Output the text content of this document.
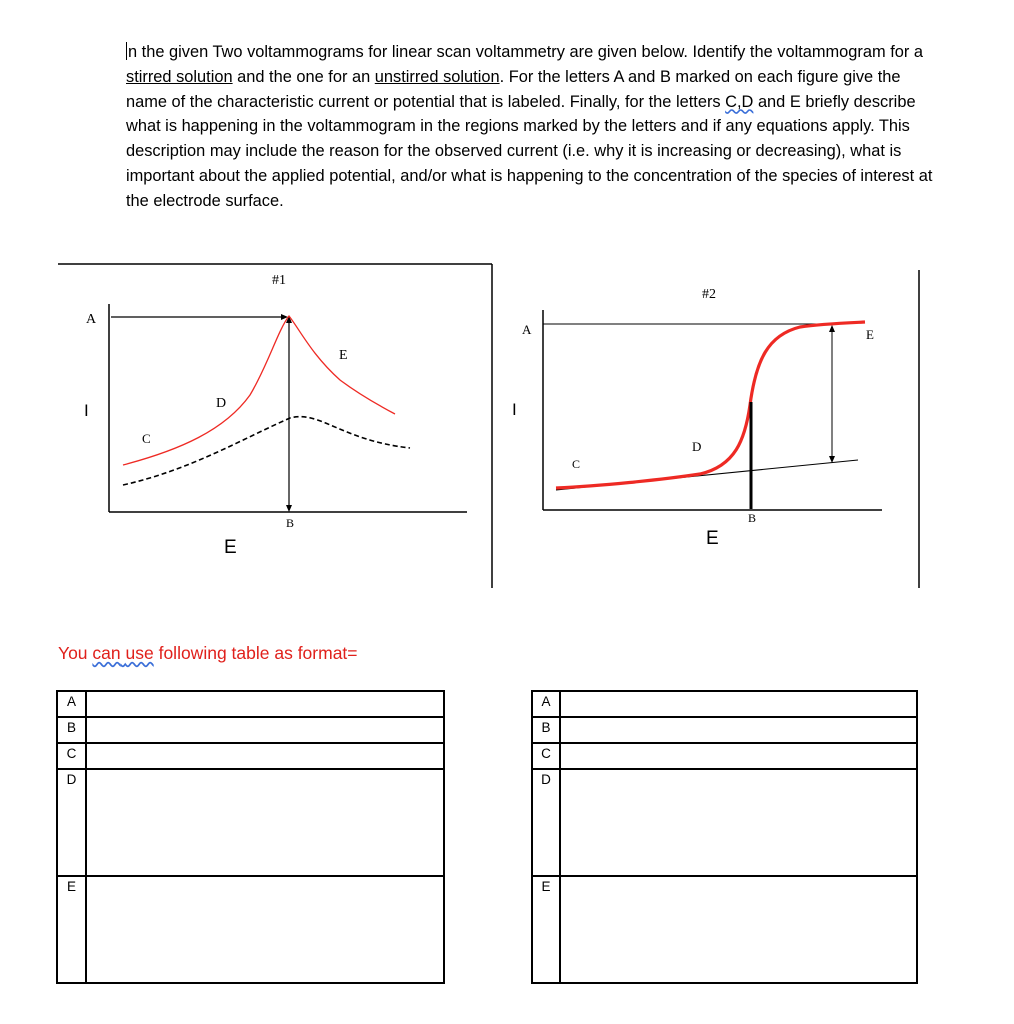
n the given Two voltammograms for linear scan voltammetry are given below. Identify the voltammogram for a stirred solution and the one for an unstirred solution. For the letters A and B marked on each figure give the name of the characteristic current or potential that is labeled. Finally, for the letters C,D and E briefly describe what is happening in the voltammogram in the regions marked by the letters and if any equations apply. This description may include the reason for the observed current (i.e. why it is increasing or decreasing), what is important about the applied potential, and/or what is happening to the concentration of the species of interest at the electrode surface.

#1
A
I
E
C
D
E
B
#2
A
I
E
C
D
E
B
You can use following table as format=
A	
B	
C	
D	
E	
A	
B	
C	
D	
E	
